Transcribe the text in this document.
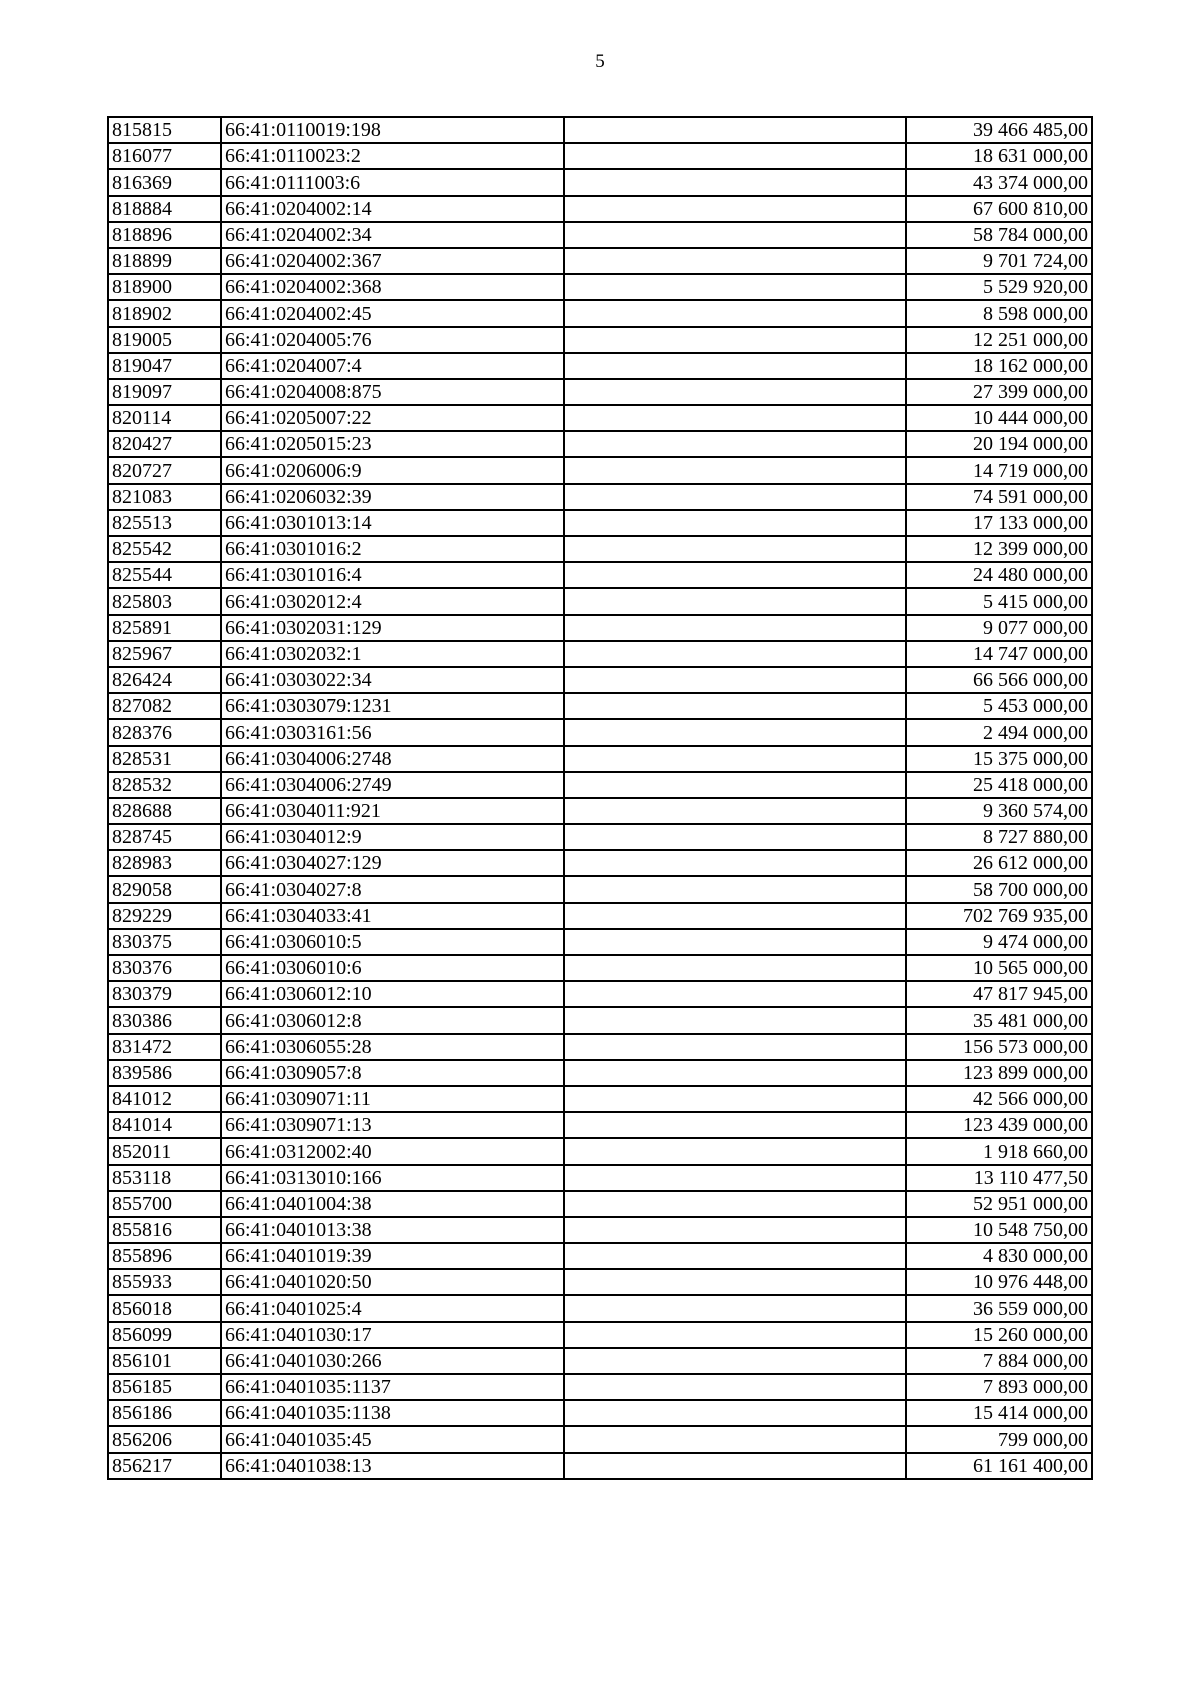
5
815815	66:41:0110019:198		39 466 485,00
816077	66:41:0110023:2		18 631 000,00
816369	66:41:0111003:6		43 374 000,00
818884	66:41:0204002:14		67 600 810,00
818896	66:41:0204002:34		58 784 000,00
818899	66:41:0204002:367		9 701 724,00
818900	66:41:0204002:368		5 529 920,00
818902	66:41:0204002:45		8 598 000,00
819005	66:41:0204005:76		12 251 000,00
819047	66:41:0204007:4		18 162 000,00
819097	66:41:0204008:875		27 399 000,00
820114	66:41:0205007:22		10 444 000,00
820427	66:41:0205015:23		20 194 000,00
820727	66:41:0206006:9		14 719 000,00
821083	66:41:0206032:39		74 591 000,00
825513	66:41:0301013:14		17 133 000,00
825542	66:41:0301016:2		12 399 000,00
825544	66:41:0301016:4		24 480 000,00
825803	66:41:0302012:4		5 415 000,00
825891	66:41:0302031:129		9 077 000,00
825967	66:41:0302032:1		14 747 000,00
826424	66:41:0303022:34		66 566 000,00
827082	66:41:0303079:1231		5 453 000,00
828376	66:41:0303161:56		2 494 000,00
828531	66:41:0304006:2748		15 375 000,00
828532	66:41:0304006:2749		25 418 000,00
828688	66:41:0304011:921		9 360 574,00
828745	66:41:0304012:9		8 727 880,00
828983	66:41:0304027:129		26 612 000,00
829058	66:41:0304027:8		58 700 000,00
829229	66:41:0304033:41		702 769 935,00
830375	66:41:0306010:5		9 474 000,00
830376	66:41:0306010:6		10 565 000,00
830379	66:41:0306012:10		47 817 945,00
830386	66:41:0306012:8		35 481 000,00
831472	66:41:0306055:28		156 573 000,00
839586	66:41:0309057:8		123 899 000,00
841012	66:41:0309071:11		42 566 000,00
841014	66:41:0309071:13		123 439 000,00
852011	66:41:0312002:40		1 918 660,00
853118	66:41:0313010:166		13 110 477,50
855700	66:41:0401004:38		52 951 000,00
855816	66:41:0401013:38		10 548 750,00
855896	66:41:0401019:39		4 830 000,00
855933	66:41:0401020:50		10 976 448,00
856018	66:41:0401025:4		36 559 000,00
856099	66:41:0401030:17		15 260 000,00
856101	66:41:0401030:266		7 884 000,00
856185	66:41:0401035:1137		7 893 000,00
856186	66:41:0401035:1138		15 414 000,00
856206	66:41:0401035:45		799 000,00
856217	66:41:0401038:13		61 161 400,00
